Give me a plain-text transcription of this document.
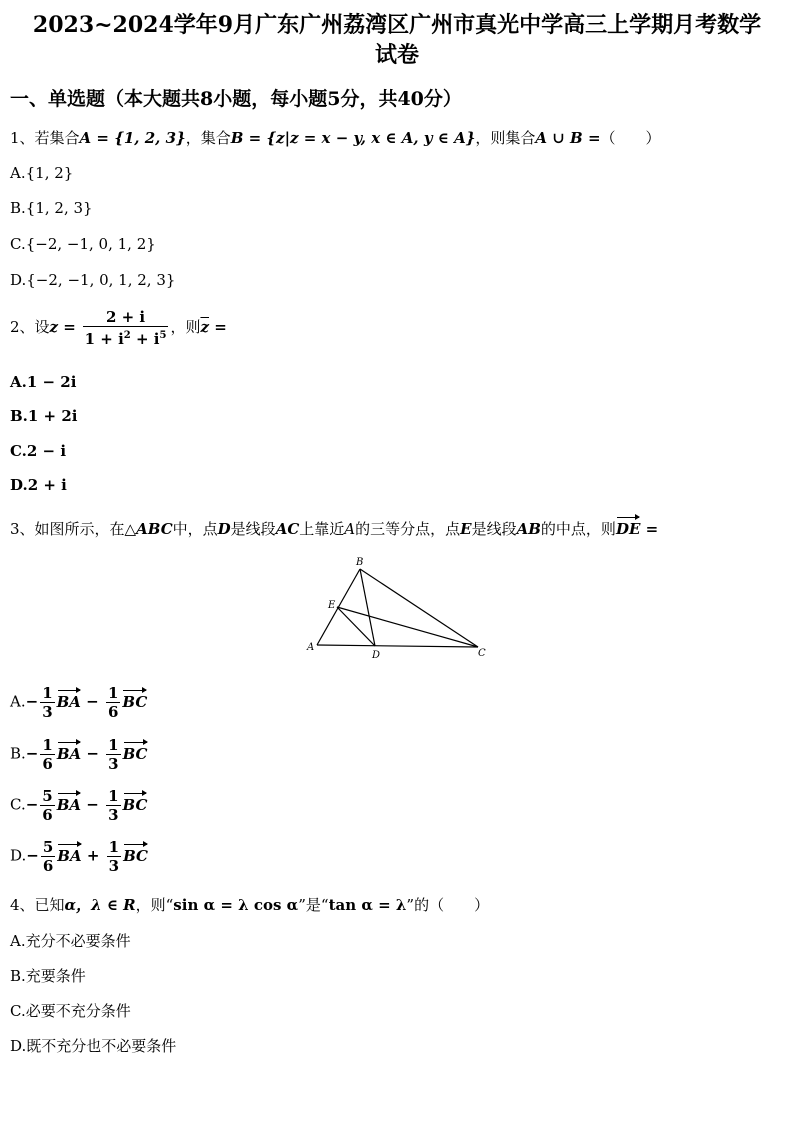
2023~2024学年9月广东广州荔湾区广州市真光中学高三上学期月考数学
试卷
一、单选题（本大题共8小题，每小题5分，共40分）
1、若集合A = {1, 2, 3}，集合B = {z|z = x − y, x ∈ A, y ∈ A}，则集合A ∪ B =（　　）
A.{1, 2}
B.{1, 2, 3}
C.{−2, −1, 0, 1, 2}
D.{−2, −1, 0, 1, 2, 3}
2、设$z = \frac{2 + i}{1 + i^2 + i^5}$ ，则$\overline{z}$ =
A.1 − 2i
B.1 + 2i
C.2 − i
D.2 + i
3、如图所示，在△ABC中，点D是线段AC上靠近A的三等分点，点E是线段AB的中点，则DE =
B
E
A
D	C
$A.- \frac{1}{3}$ BA − $\frac{1}{6}$ BC
$B.- \frac{1}{6}$ BA − $\frac{1}{3}$ BC
$C.- \frac{5}{6}$ BA − $\frac{1}{3}$ BC
$D.- \frac{5}{6}$ BA + $\frac{1}{3}$ BC
4、已知α，λ ∈ R，则“sin α = λ cos α”是“tan α = λ”的（　　）
A.充分不必要条件
B.充要条件
C.必要不充分条件
D.既不充分也不必要条件
